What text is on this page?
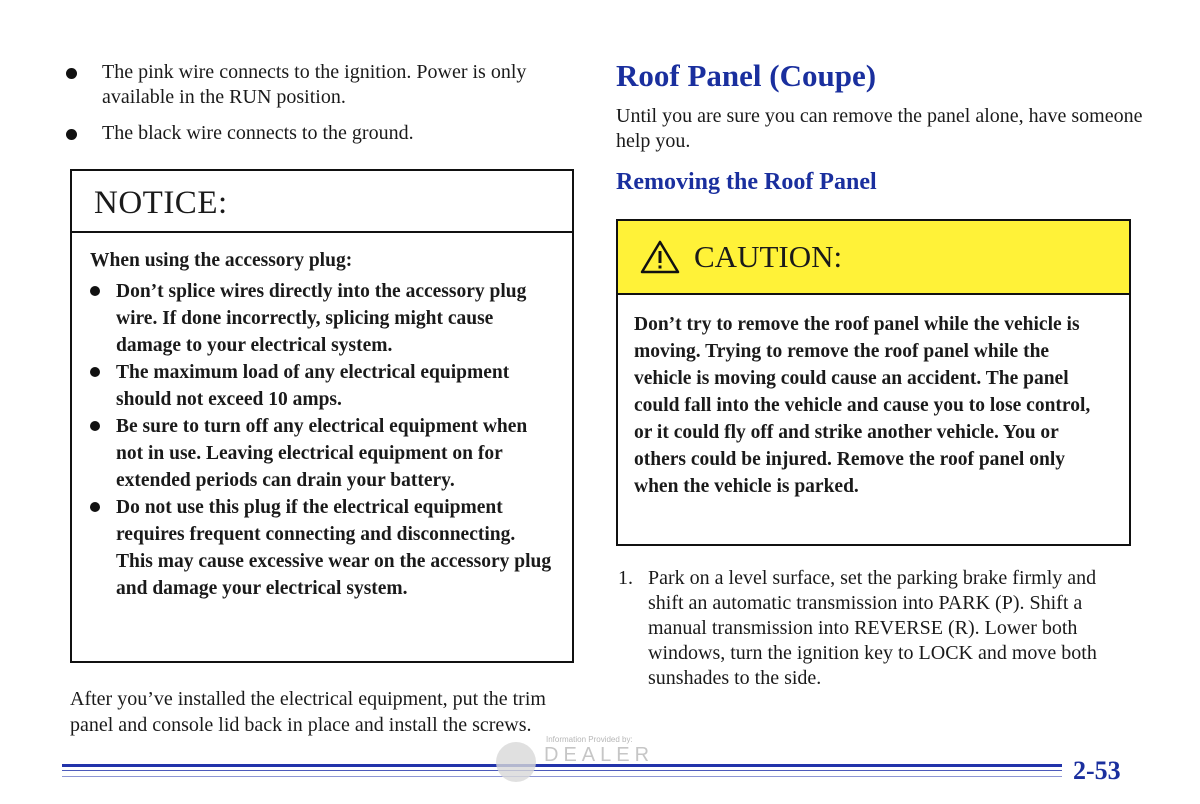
The pink wire connects to the ignition. Power is only available in the RUN position.
The black wire connects to the ground.
NOTICE:

When using the accessory plug:

Don’t splice wires directly into the accessory plug wire. If done incorrectly, splicing might cause damage to your electrical system.
The maximum load of any electrical equipment should not exceed 10 amps.
Be sure to turn off any electrical equipment when not in use. Leaving electrical equipment on for extended periods can drain your battery.
Do not use this plug if the electrical equipment requires frequent connecting and disconnecting. This may cause excessive wear on the accessory plug and damage your electrical system.
After you’ve installed the electrical equipment, put the trim panel and console lid back in place and install the screws.
Roof Panel (Coupe)
Until you are sure you can remove the panel alone, have someone help you.
Removing the Roof Panel
CAUTION:
Don’t try to remove the roof panel while the vehicle is moving. Trying to remove the roof panel while the vehicle is moving could cause an accident. The panel could fall into the vehicle and cause you to lose control, or it could fly off and strike another vehicle. You or others could be injured. Remove the roof panel only when the vehicle is parked.
1. Park on a level surface, set the parking brake firmly and shift an automatic transmission into PARK (P). Shift a manual transmission into REVERSE (R). Lower both windows, turn the ignition key to LOCK and move both sunshades to the side.
Information Provided by:
DEALER
2-53
